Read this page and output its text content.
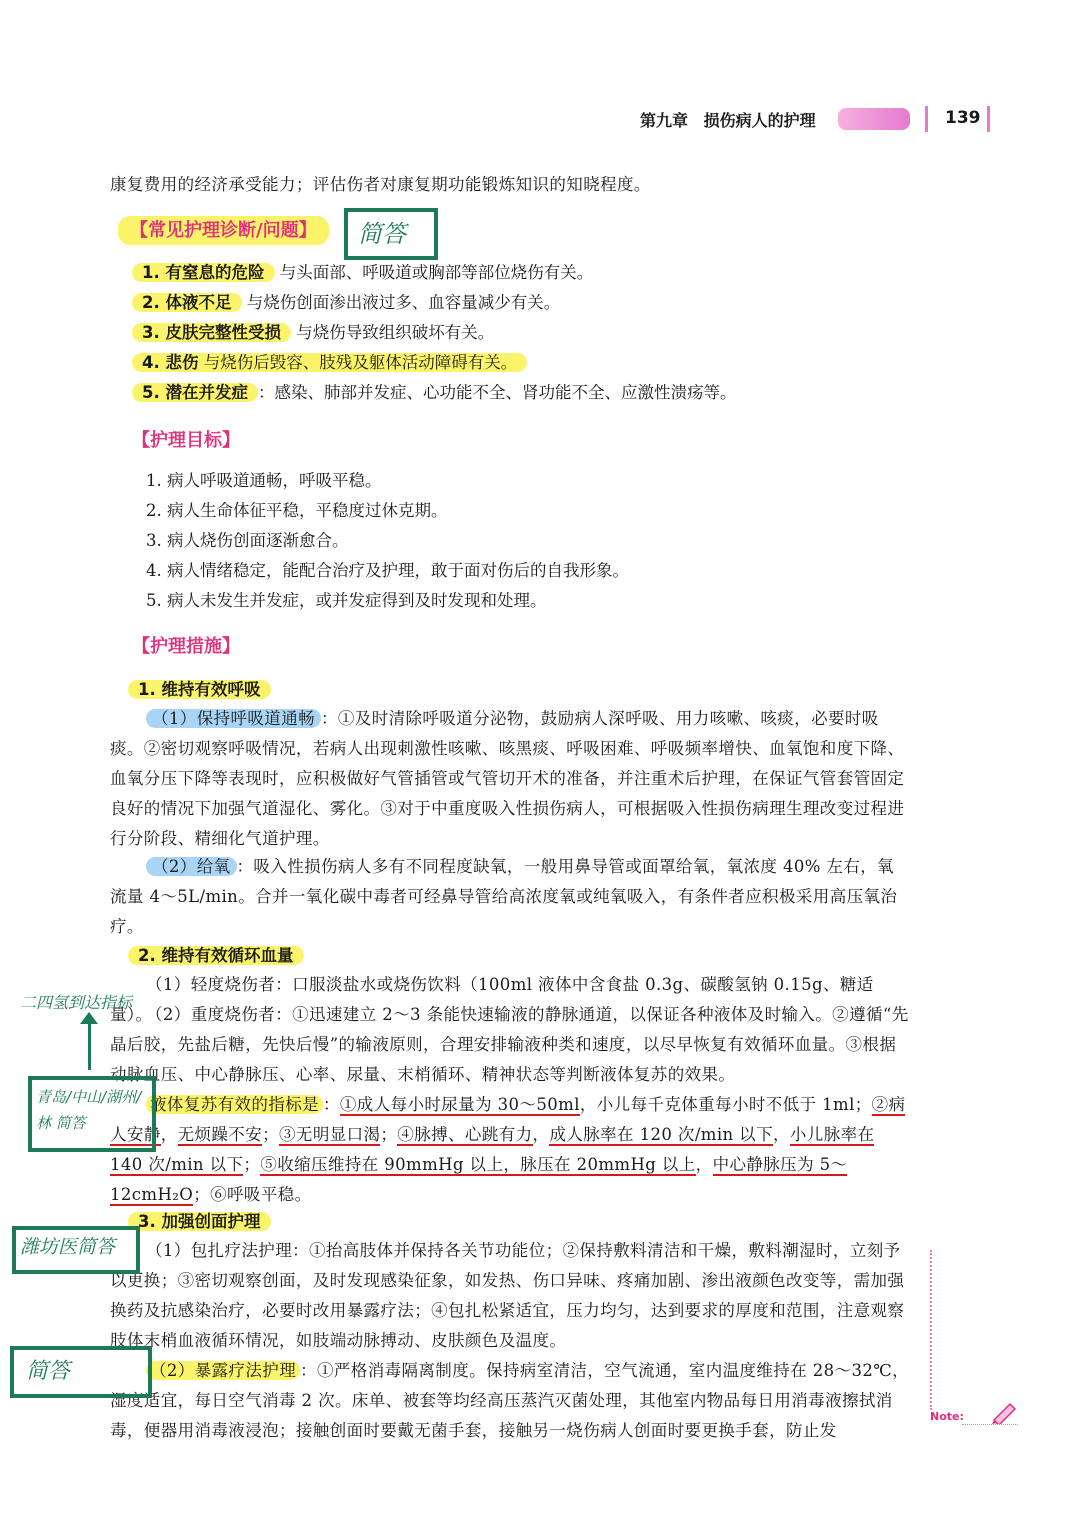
第九章 损伤病人的护理	139
康复费用的经济承受能力；评估伤者对康复期功能锻炼知识的知晓程度。
【常见护理诊断/问题】	简答
1. 有窒息的危险 与头面部、呼吸道或胸部等部位烧伤有关。
2. 体液不足 与烧伤创面渗出液过多、血容量减少有关。
3. 皮肤完整性受损 与烧伤导致组织破坏有关。
4. 悲伤 与烧伤后毁容、肢残及躯体活动障碍有关。
5. 潜在并发症 ：感染、肺部并发症、心功能不全、肾功能不全、应激性溃疡等。
【护理目标】
1. 病人呼吸道通畅，呼吸平稳。
2. 病人生命体征平稳，平稳度过休克期。
3. 病人烧伤创面逐渐愈合。
4. 病人情绪稳定，能配合治疗及护理，敢于面对伤后的自我形象。
5. 病人未发生并发症，或并发症得到及时发现和处理。
【护理措施】
1. 维持有效呼吸
（1）保持呼吸道通畅 ：①及时清除呼吸道分泌物，鼓励病人深呼吸、用力咳嗽、咳痰，必要时吸痰。②密切观察呼吸情况，若病人出现刺激性咳嗽、咳黑痰、呼吸困难、呼吸频率增快、血氧饱和度下降、血氧分压下降等表现时，应积极做好气管插管或气管切开术的准备，并注重术后护理，在保证气管套管固定良好的情况下加强气道湿化、雾化。③对于中重度吸入性损伤病人，可根据吸入性损伤病理生理改变过程进行分阶段、精细化气道护理。
（2）给氧 ：吸入性损伤病人多有不同程度缺氧，一般用鼻导管或面罩给氧，氧浓度 40% 左右，氧流量 4～5L/min。合并一氧化碳中毒者可经鼻导管给高浓度氧或纯氧吸入，有条件者应积极采用高压氧治疗。
2. 维持有效循环血量
（1）轻度烧伤者：口服淡盐水或烧伤饮料（100ml 液体中含食盐 0.3g、碳酸氢钠 0.15g、糖适量）。
（2）重度烧伤者：①迅速建立 2～3 条能快速输液的静脉通道，以保证各种液体及时输入。②遵循“先晶后胶，先盐后糖，先快后慢”的输液原则，合理安排输液种类和速度，以尽早恢复有效循环血量。③根据动脉血压、中心静脉压、心率、尿量、末梢循环、精神状态等判断液体复苏的效果。
液体复苏有效的指标是 ：①成人每小时尿量为 30～50ml，小儿每千克体重每小时不低于 1ml；②病人安静，无烦躁不安；③无明显口渴；④脉搏、心跳有力，成人脉率在 120 次/min 以下，小儿脉率在 140 次/min 以下；⑤收缩压维持在 90mmHg 以上，脉压在 20mmHg 以上，中心静脉压为 5～12cmH₂O；⑥呼吸平稳。
3. 加强创面护理
（1）包扎疗法护理：①抬高肢体并保持各关节功能位；②保持敷料清洁和干燥，敷料潮湿时，立刻予以更换；③密切观察创面，及时发现感染征象，如发热、伤口异味、疼痛加剧、渗出液颜色改变等，需加强换药及抗感染治疗，必要时改用暴露疗法；④包扎松紧适宜，压力均匀，达到要求的厚度和范围，注意观察肢体末梢血液循环情况，如肢端动脉搏动、皮肤颜色及温度。
（2）暴露疗法护理 ：①严格消毒隔离制度。保持病室清洁，空气流通，室内温度维持在 28～32℃，湿度适宜，每日空气消毒 2 次。床单、被套等均经高压蒸汽灭菌处理，其他室内物品每日用消毒液擦拭消毒，便器用消毒液浸泡；接触创面时要戴无菌手套，接触另一烧伤病人创面时要更换手套，防止发
二四氢到达指标
青岛/中山/湖州/林 简答
潍坊医简答
简答
Note:
